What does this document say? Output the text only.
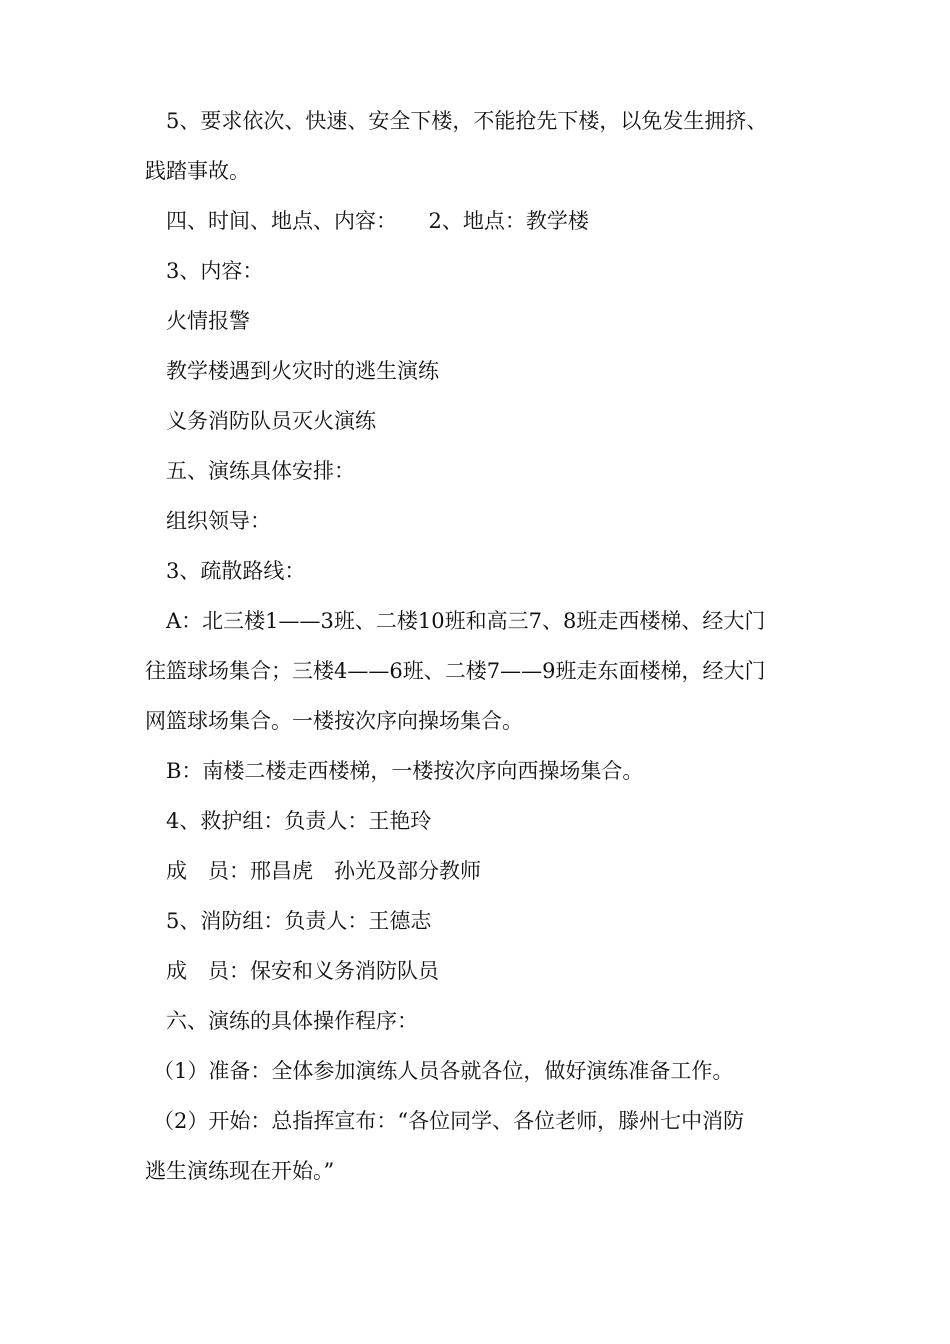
5、要求依次、快速、安全下楼，不能抢先下楼，以免发生拥挤、
践踏事故。
四、时间、地点、内容：　　2、地点：教学楼
3、内容：
火情报警
教学楼遇到火灾时的逃生演练
义务消防队员灭火演练
五、演练具体安排：
组织领导：
3、疏散路线：
A：北三楼1——3班、二楼10班和高三7、8班走西楼梯、经大门
往篮球场集合；三楼4——6班、二楼7——9班走东面楼梯，经大门
网篮球场集合。一楼按次序向操场集合。
B：南楼二楼走西楼梯，一楼按次序向西操场集合。
4、救护组：负责人：王艳玲
成　员：邢昌虎　孙光及部分教师
5、消防组：负责人：王德志
成　员：保安和义务消防队员
六、演练的具体操作程序：
（1）准备：全体参加演练人员各就各位，做好演练准备工作。
（2）开始：总指挥宣布：“各位同学、各位老师，滕州七中消防
逃生演练现在开始。”
